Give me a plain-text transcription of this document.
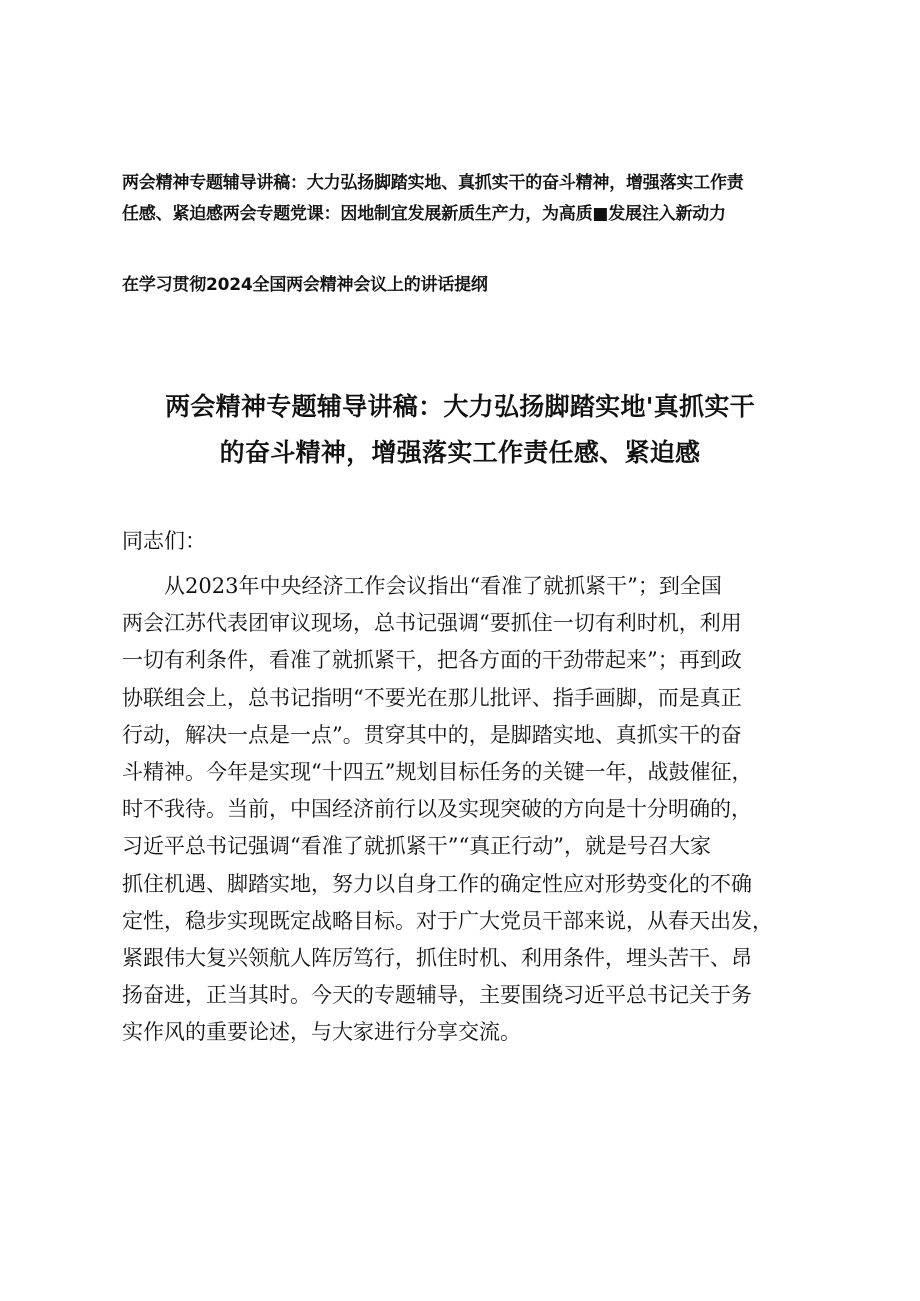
两会精神专题辅导讲稿：大力弘扬脚踏实地、真抓实干的奋斗精神，增强落实工作责
任感、紧迫感两会专题党课：因地制宜发展新质生产力，为高质■发展注入新动力
在学习贯彻2024全国两会精神会议上的讲话提纲
两会精神专题辅导讲稿：大力弘扬脚踏实地'真抓实干
的奋斗精神，增强落实工作责任感、紧迫感
同志们：
　　从2023年中央经济工作会议指出“看准了就抓紧干”；到全国
两会江苏代表团审议现场，总书记强调“要抓住一切有利时机，利用
一切有利条件，看准了就抓紧干，把各方面的干劲带起来”；再到政
协联组会上，总书记指明“不要光在那儿批评、指手画脚，而是真正
行动，解决一点是一点”。贯穿其中的，是脚踏实地、真抓实干的奋
斗精神。今年是实现“十四五”规划目标任务的关键一年，战鼓催征，
时不我待。当前，中国经济前行以及实现突破的方向是十分明确的，
习近平总书记强调“看准了就抓紧干”“真正行动”，就是号召大家
抓住机遇、脚踏实地，努力以自身工作的确定性应对形势变化的不确
定性，稳步实现既定战略目标。对于广大党员干部来说，从春天出发，
紧跟伟大复兴领航人阵厉笃行，抓住时机、利用条件，埋头苦干、昂
扬奋进，正当其时。今天的专题辅导，主要围绕习近平总书记关于务
实作风的重要论述，与大家进行分享交流。
